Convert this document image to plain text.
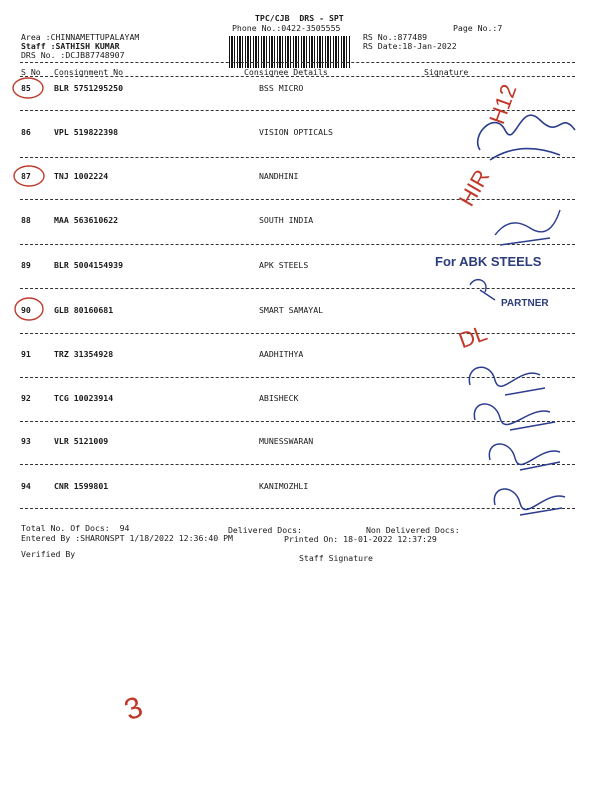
TPC/CJB  DRS - SPT
Phone No.:0422-3505555	Page No.:7
Area :CHINNAMETTUPALAYAM
Staff :SATHISH KUMAR
DRS No. :DCJB87748907
RS No.:877489
RS Date:18-Jan-2022
S No Consignment No	Consignee Details	Signature
85	BLR 5751295250	BSS MICRO
86	VPL 519822398	VISION OPTICALS
87	TNJ 1002224	NANDHINI
88	MAA 563610622	SOUTH INDIA
89	BLR 5004154939	APK STEELS
90	GLB 80160681	SMART SAMAYAL
91	TRZ 31354928	AADHITHYA
92	TCG 10023914	ABISHECK
93	VLR 5121009	MUNESSWARAN
94	CNR 1599801	KANIMOZHLI
Total No. Of Docs:  94	Delivered Docs:	Non Delivered Docs:
Entered By :SHARONSPT 1/18/2022 12:36:40 PM	Printed On: 18-01-2022 12:37:29
Verified By	Staff Signature
H12
HIR
DL
3
For ABK STEELS
PARTNER
